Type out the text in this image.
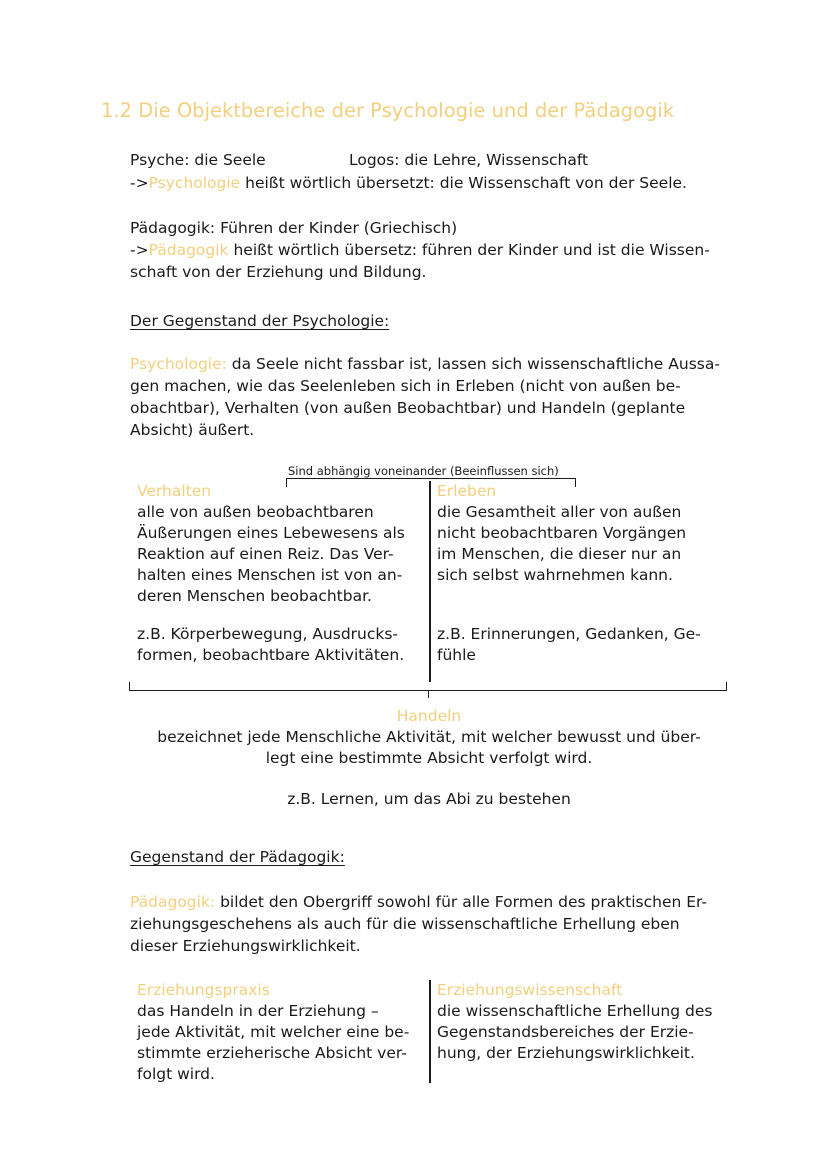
1.2 Die Objektbereiche der Psychologie und der Pädagogik
Psyche: die Seele	Logos: die Lehre, Wissenschaft
->Psychologie heißt wörtlich übersetzt: die Wissenschaft von der Seele.
Pädagogik: Führen der Kinder (Griechisch)
->Pädagogik heißt wörtlich übersetz: führen der Kinder und ist die Wissen-
schaft von der Erziehung und Bildung.
Der Gegenstand der Psychologie:
Psychologie: da Seele nicht fassbar ist, lassen sich wissenschaftliche Aussa-
gen machen, wie das Seelenleben sich in Erleben (nicht von außen be-
obachtbar), Verhalten (von außen Beobachtbar) und Handeln (geplante
Absicht) äußert.
Sind abhängig voneinander (Beeinflussen sich)
Verhalten
alle von außen beobachtbaren
Äußerungen eines Lebewesens als
Reaktion auf einen Reiz. Das Ver-
halten eines Menschen ist von an-
deren Menschen beobachtbar.
z.B. Körperbewegung, Ausdrucks-
formen, beobachtbare Aktivitäten.
Erleben
die Gesamtheit aller von außen
nicht beobachtbaren Vorgängen
im Menschen, die dieser nur an
sich selbst wahrnehmen kann.
z.B. Erinnerungen, Gedanken, Ge-
fühle
Handeln
bezeichnet jede Menschliche Aktivität, mit welcher bewusst und über-
legt eine bestimmte Absicht verfolgt wird.
z.B. Lernen, um das Abi zu bestehen
Gegenstand der Pädagogik:
Pädagogik: bildet den Obergriff sowohl für alle Formen des praktischen Er-
ziehungsgeschehens als auch für die wissenschaftliche Erhellung eben
dieser Erziehungswirklichkeit.
Erziehungspraxis
das Handeln in der Erziehung –
jede Aktivität, mit welcher eine be-
stimmte erzieherische Absicht ver-
folgt wird.
Erziehungswissenschaft
die wissenschaftliche Erhellung des
Gegenstandsbereiches der Erzie-
hung, der Erziehungswirklichkeit.
